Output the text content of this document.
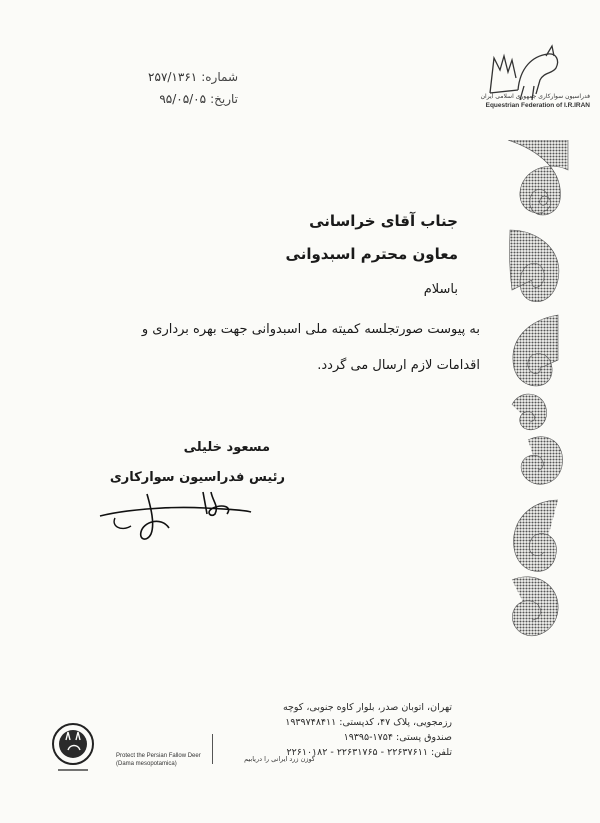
شماره:
۲۵۷/۱۳۶۱
تاریخ:
۹۵/۰۵/۰۵	فدراسیون سوارکاری جمهوری اسلامی ایران
Equestrian Federation of I.R.IRAN
جناب آقای خراسانی
معاون محترم اسبدوانی
باسلام
به پیوست صورتجلسه کمیته ملی اسبدوانی جهت بهره برداری و
اقدامات لازم ارسال می گردد.
مسعود خلیلی
رئیس فدراسیون سوارکاری
تهران، اتوبان صدر، بلوار کاوه جنوبی، کوچه
رزمجویی، پلاک ۴۷، کدپستی: ۱۹۳۹۷۴۸۴۱۱
صندوق پستی: ۱۷۵۴-۱۹۳۹۵
تلفن: ۲۲۶۳۷۶۱۱ - ۲۲۶۳۱۷۶۵ - ۲۲۶۱۰۱۸۲
Protect the Persian Fallow Deer
(Dama mesopotamica)
گوزن زرد ایرانی را دریابیم
